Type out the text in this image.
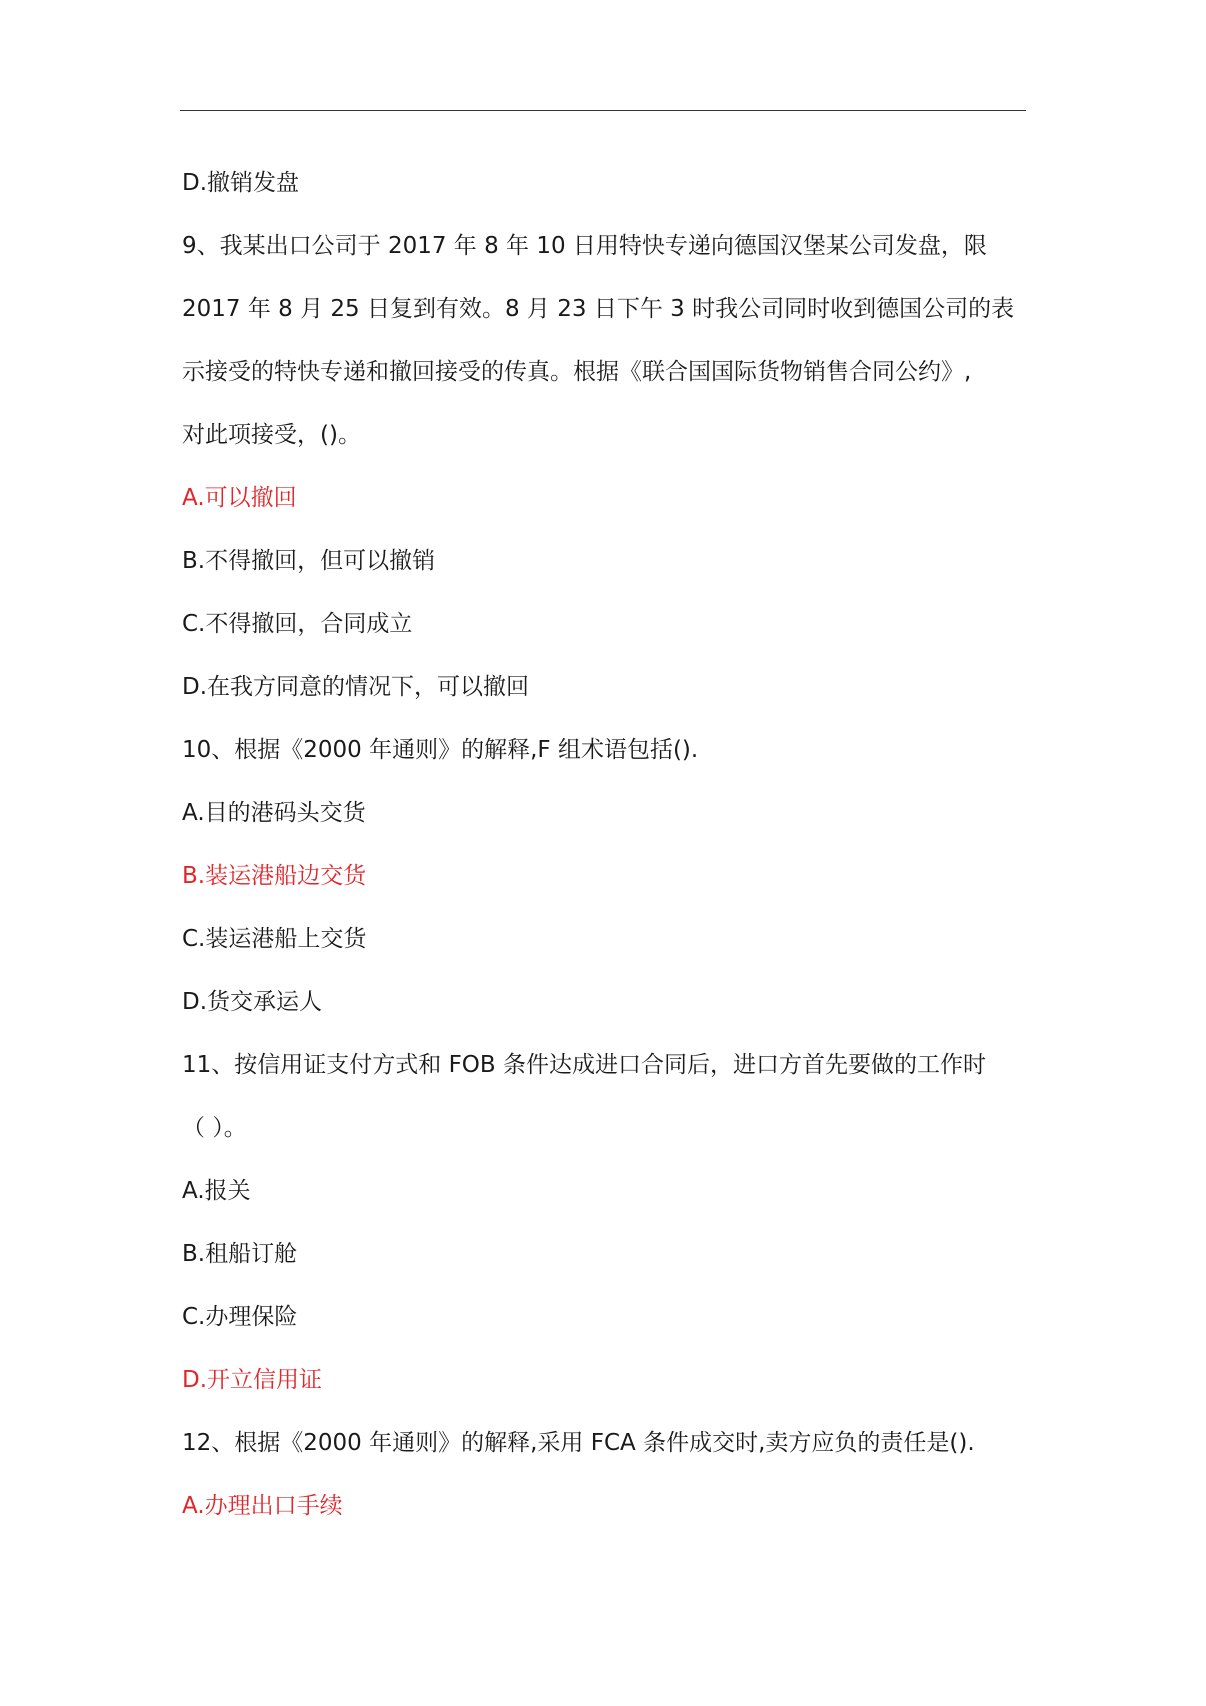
D.撤销发盘
9、我某出口公司于 2017 年 8 年 10 日用特快专递向德国汉堡某公司发盘，限
2017 年 8 月 25 日复到有效。8 月 23 日下午 3 时我公司同时收到德国公司的表
示接受的特快专递和撤回接受的传真。根据《联合国国际货物销售合同公约》,
对此项接受，()。
A.可以撤回
B.不得撤回，但可以撤销
C.不得撤回，合同成立
D.在我方同意的情况下，可以撤回
10、根据《2000 年通则》的解释,F 组术语包括().
A.目的港码头交货
B.装运港船边交货
C.装运港船上交货
D.货交承运人
11、按信用证支付方式和 FOB 条件达成进口合同后，进口方首先要做的工作时
（ ）。
A.报关
B.租船订舱
C.办理保险
D.开立信用证
12、根据《2000 年通则》的解释,采用 FCA 条件成交时,卖方应负的责任是().
A.办理出口手续
